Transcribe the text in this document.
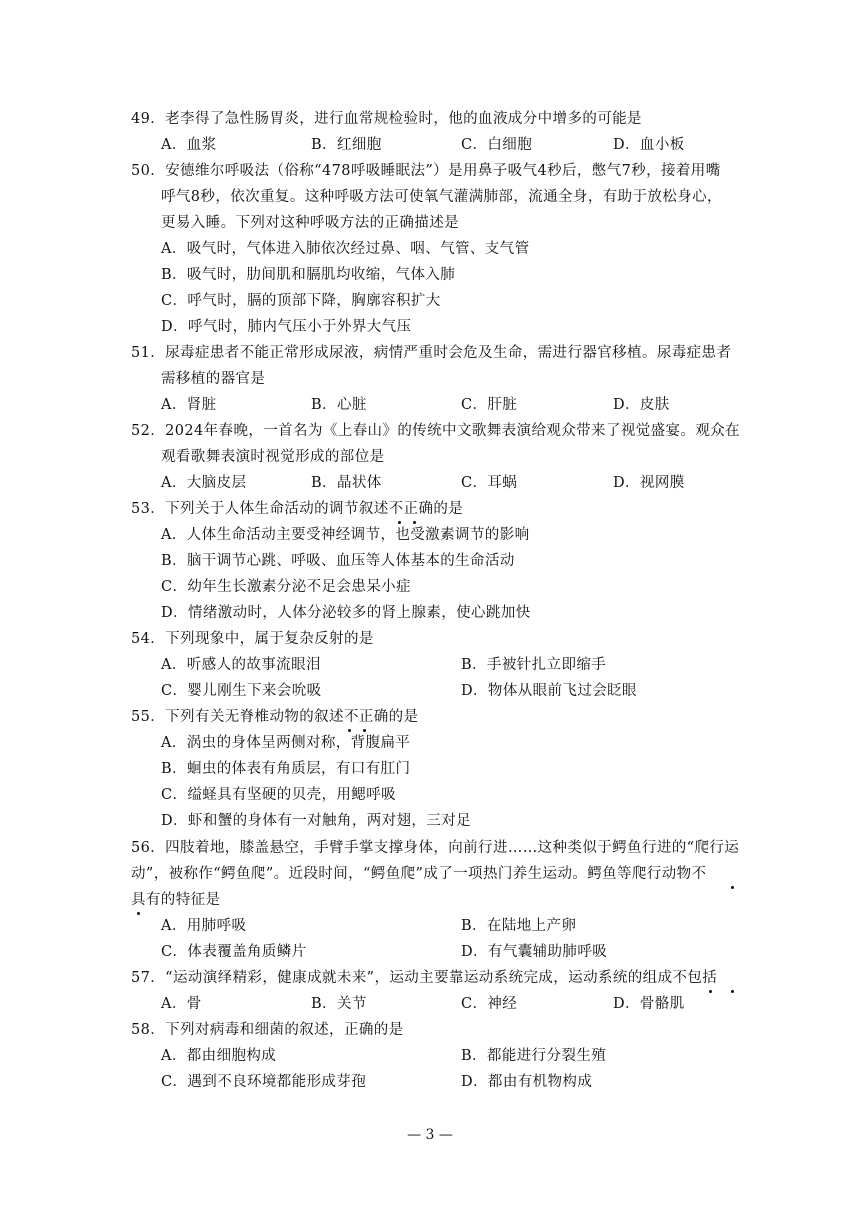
49．老李得了急性肠胃炎，进行血常规检验时，他的血液成分中增多的可能是
A．血浆	B．红细胞	C．白细胞	D．血小板
50．安德维尔呼吸法（俗称“478呼吸睡眠法”）是用鼻子吸气4秒后，憋气7秒，接着用嘴
呼气8秒，依次重复。这种呼吸方法可使氧气灌满肺部，流通全身，有助于放松身心，
更易入睡。下列对这种呼吸方法的正确描述是
A．吸气时，气体进入肺依次经过鼻、咽、气管、支气管
B．吸气时，肋间肌和膈肌均收缩，气体入肺
C．呼气时，膈的顶部下降，胸廓容积扩大
D．呼气时，肺内气压小于外界大气压
51．尿毒症患者不能正常形成尿液，病情严重时会危及生命，需进行器官移植。尿毒症患者
需移植的器官是
A．肾脏	B．心脏	C．肝脏	D．皮肤
52．2024年春晚，一首名为《上春山》的传统中文歌舞表演给观众带来了视觉盛宴。观众在
观看歌舞表演时视觉形成的部位是
A．大脑皮层	B．晶状体	C．耳蜗	D．视网膜
53．下列关于人体生命活动的调节叙述不正确的是
A．人体生命活动主要受神经调节，也受激素调节的影响
B．脑干调节心跳、呼吸、血压等人体基本的生命活动
C．幼年生长激素分泌不足会患呆小症
D．情绪激动时，人体分泌较多的肾上腺素，使心跳加快
54．下列现象中，属于复杂反射的是
A．听感人的故事流眼泪	B．手被针扎立即缩手
C．婴儿刚生下来会吮吸	D．物体从眼前飞过会眨眼
55．下列有关无脊椎动物的叙述不正确的是
A．涡虫的身体呈两侧对称，背腹扁平
B．蛔虫的体表有角质层，有口有肛门
C．缢蛏具有坚硬的贝壳，用鳃呼吸
D．虾和蟹的身体有一对触角，两对翅，三对足
56．四肢着地，膝盖悬空，手臂手掌支撑身体，向前行进……这种类似于鳄鱼行进的“爬行运
动”，被称作“鳄鱼爬”。近段时间，“鳄鱼爬”成了一项热门养生运动。鳄鱼等爬行动物不
具有的特征是
A．用肺呼吸	B．在陆地上产卵
C．体表覆盖角质鳞片	D．有气囊辅助肺呼吸
57．“运动演绎精彩，健康成就未来”，运动主要靠运动系统完成，运动系统的组成不包括
A．骨	B．关节	C．神经	D．骨骼肌
58．下列对病毒和细菌的叙述，正确的是
A．都由细胞构成	B．都能进行分裂生殖
C．遇到不良环境都能形成芽孢	D．都由有机物构成
— 3 —
